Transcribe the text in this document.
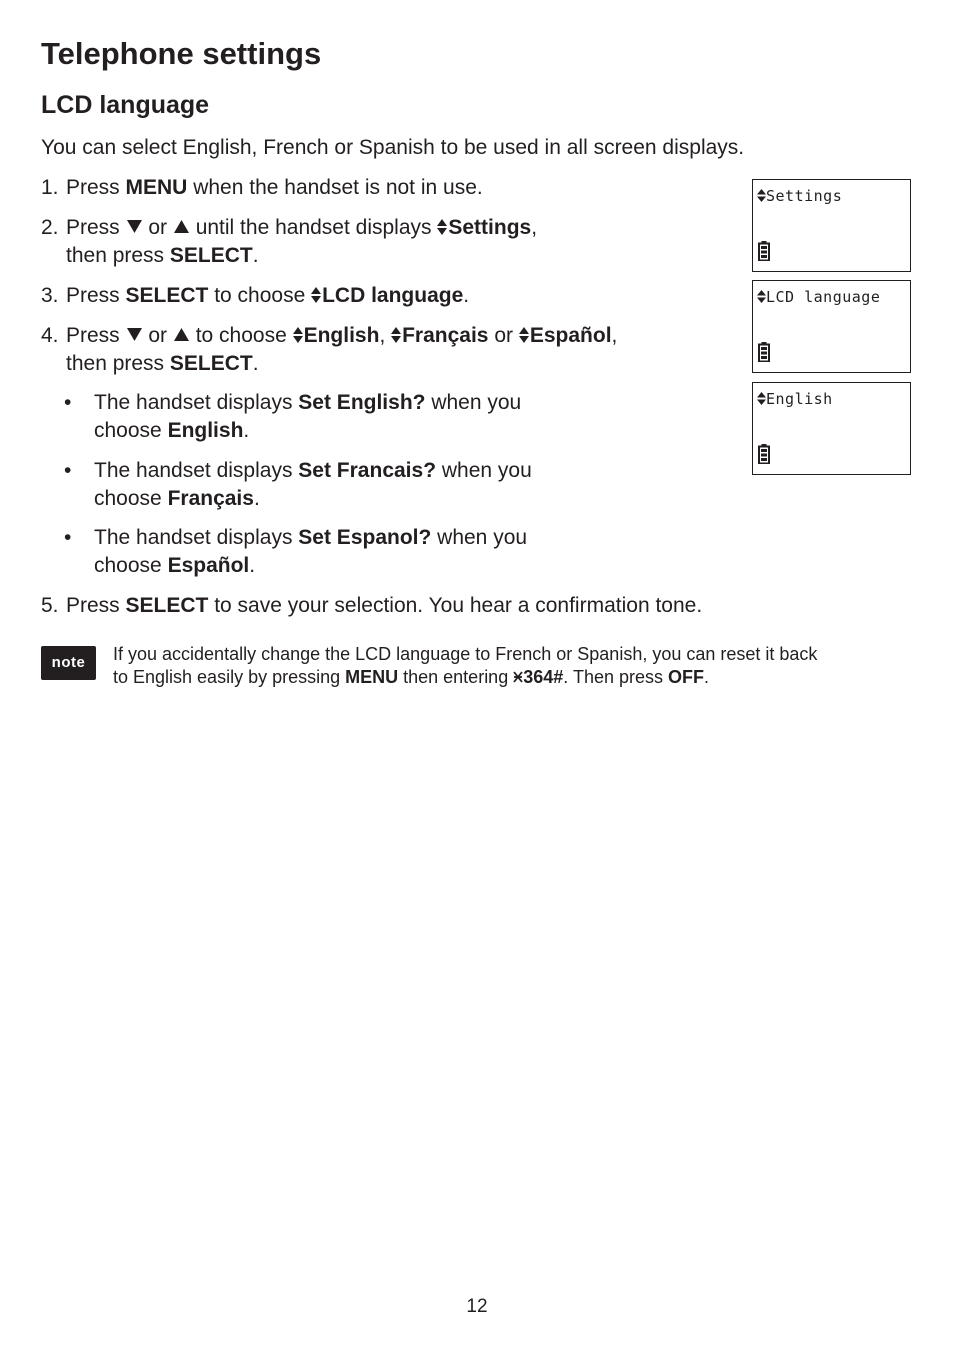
Telephone settings
LCD language
You can select English, French or Spanish to be used in all screen displays.
1. Press MENU when the handset is not in use.
2. Press  or  until the handset displays Settings,
then press SELECT.
3. Press SELECT to choose LCD language.
4. Press  or  to choose English, Français or Español,
then press SELECT.
• The handset displays Set English? when you
choose English.
• The handset displays Set Francais? when you
choose Français.
• The handset displays Set Espanol? when you
choose Español.
5. Press SELECT to save your selection. You hear a confirmation tone.
Settings
LCD language
English
note	If you accidentally change the LCD language to French or Spanish, you can reset it back
to English easily by pressing MENU then entering 364#. Then press OFF.
12
